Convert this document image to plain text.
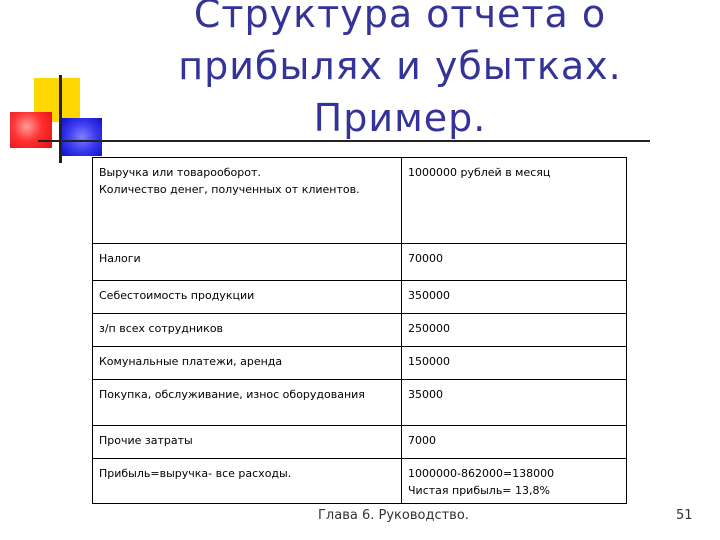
Структура отчета о
прибылях и убытках.
Пример.

Выручка или товарооборот.

Количество денег, полученных от клиентов.	1000000 рублей в месяц

Налоги	70000

Себестоимость продукции	350000

з/п всех сотрудников	250000

Комунальные платежи, аренда	150000

Покупка, обслуживание, износ оборудования	35000

Прочие затраты	7000

Прибыль=выручка- все расходы.	1000000-862000=138000

Чистая прибыль= 13,8%

Глава 6. Руководство.	51
